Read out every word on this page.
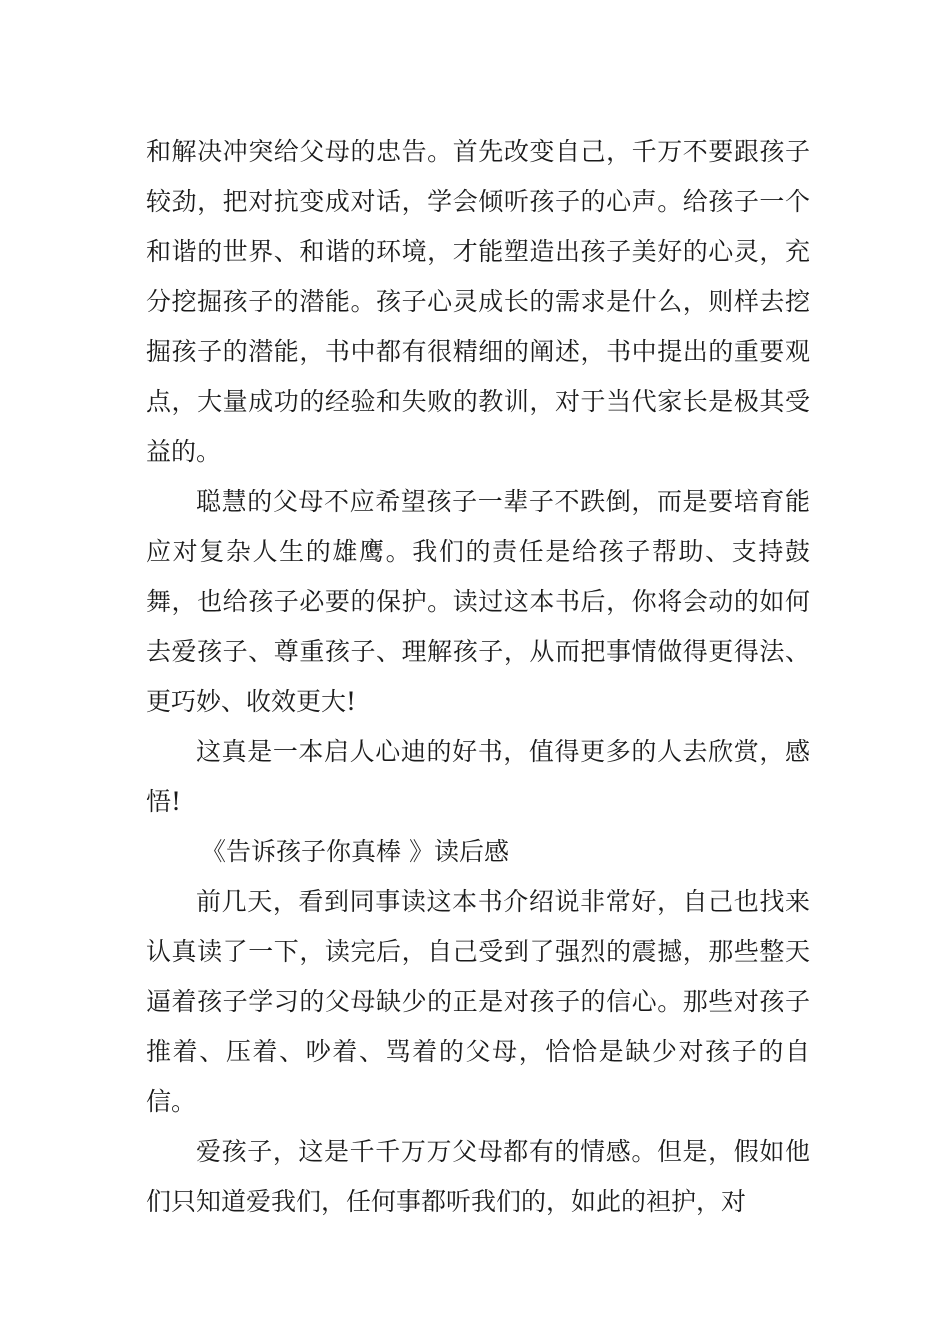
和解决冲突给父母的忠告。首先改变自己，千万不要跟孩子较劲，把对抗变成对话，学会倾听孩子的心声。给孩子一个和谐的世界、和谐的环境，才能塑造出孩子美好的心灵，充分挖掘孩子的潜能。孩子心灵成长的需求是什么，则样去挖掘孩子的潜能，书中都有很精细的阐述，书中提出的重要观点，大量成功的经验和失败的教训，对于当代家长是极其受益的。

聪慧的父母不应希望孩子一辈子不跌倒，而是要培育能应对复杂人生的雄鹰。我们的责任是给孩子帮助、支持鼓舞，也给孩子必要的保护。读过这本书后，你将会动的如何去爱孩子、尊重孩子、理解孩子，从而把事情做得更得法、更巧妙、收效更大!

这真是一本启人心迪的好书，值得更多的人去欣赏，感悟!

《告诉孩子你真棒 》读后感

前几天，看到同事读这本书介绍说非常好，自己也找来认真读了一下，读完后，自己受到了强烈的震撼，那些整天逼着孩子学习的父母缺少的正是对孩子的信心。那些对孩子推着、压着、吵着、骂着的父母，恰恰是缺少对孩子的自信。

爱孩子，这是千千万万父母都有的情感。但是，假如他们只知道爱我们，任何事都听我们的，如此的袒护，对
